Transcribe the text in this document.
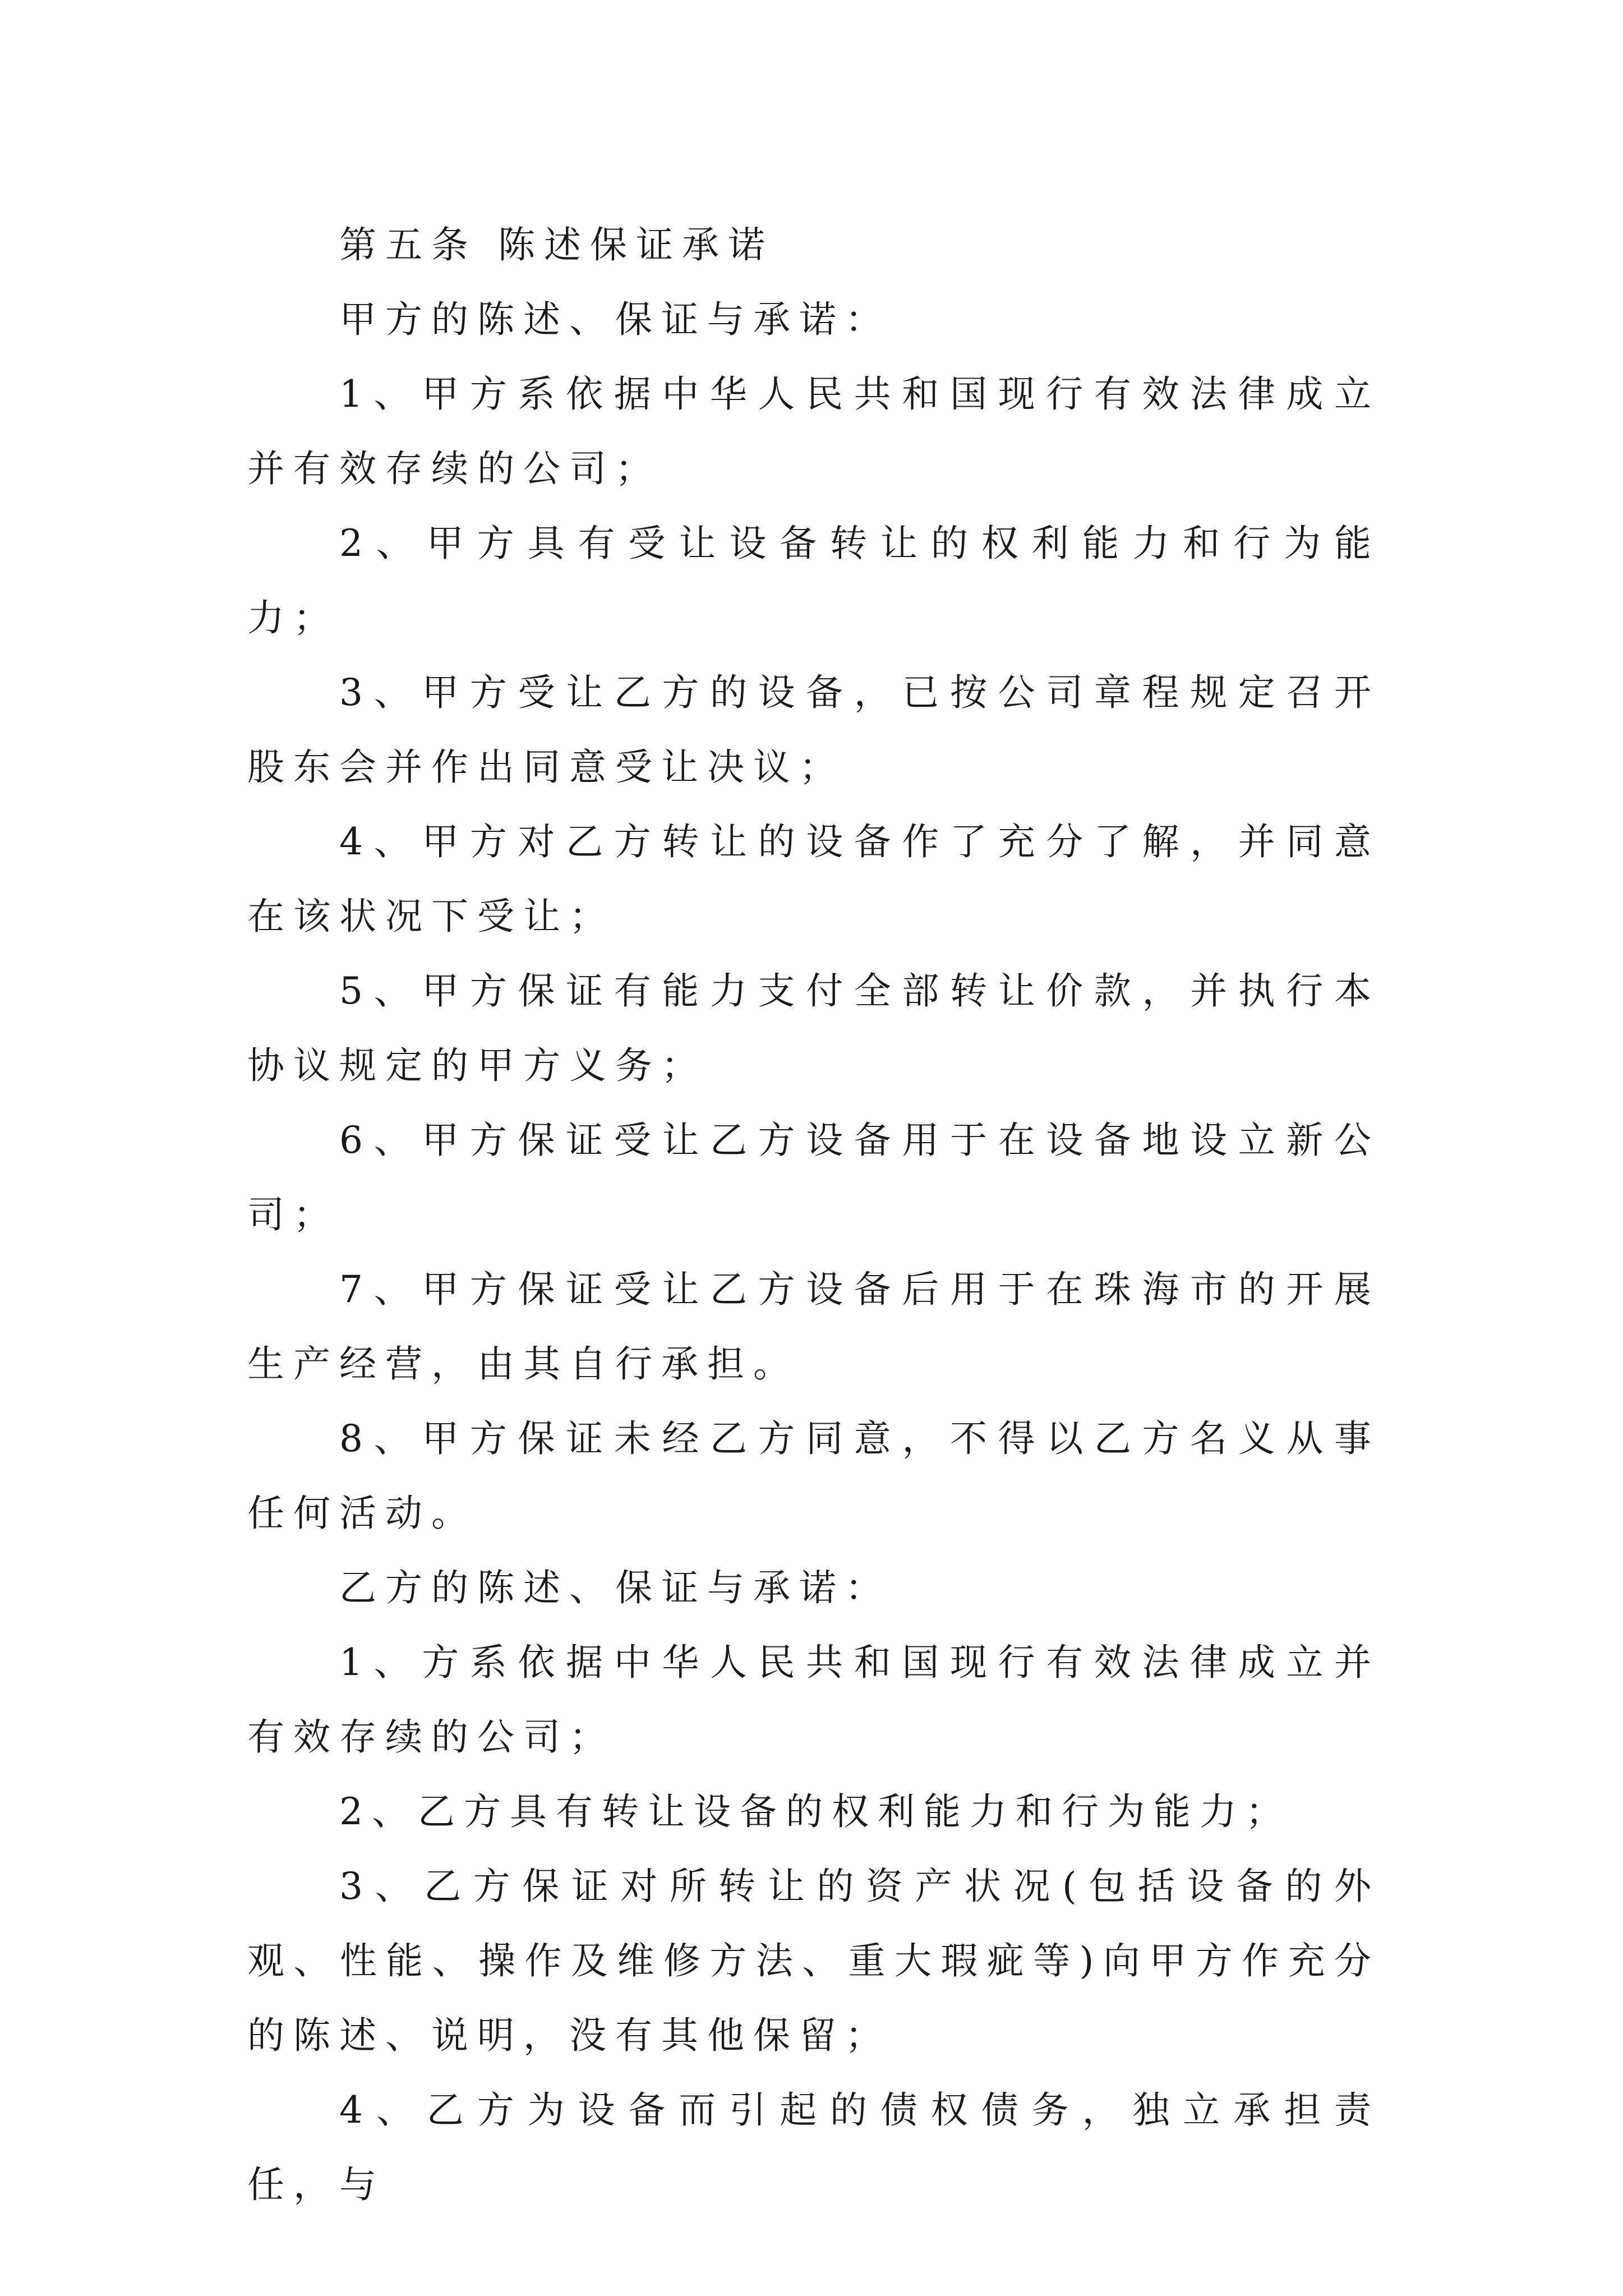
第五条 陈述保证承诺

甲方的陈述、保证与承诺：

1、甲方系依据中华人民共和国现行有效法律成立并有效存续的公司；

2、甲方具有受让设备转让的权利能力和行为能力；

3、甲方受让乙方的设备，已按公司章程规定召开股东会并作出同意受让决议；

4、甲方对乙方转让的设备作了充分了解，并同意在该状况下受让；

5、甲方保证有能力支付全部转让价款，并执行本协议规定的甲方义务；

6、甲方保证受让乙方设备用于在设备地设立新公司；

7、甲方保证受让乙方设备后用于在珠海市的开展生产经营，由其自行承担。

8、甲方保证未经乙方同意，不得以乙方名义从事任何活动。

乙方的陈述、保证与承诺：

1、方系依据中华人民共和国现行有效法律成立并有效存续的公司；

2、乙方具有转让设备的权利能力和行为能力；

3、乙方保证对所转让的资产状况(包括设备的外观、性能、操作及维修方法、重大瑕疵等)向甲方作充分的陈述、说明，没有其他保留；

4、乙方为设备而引起的债权债务，独立承担责任，与
